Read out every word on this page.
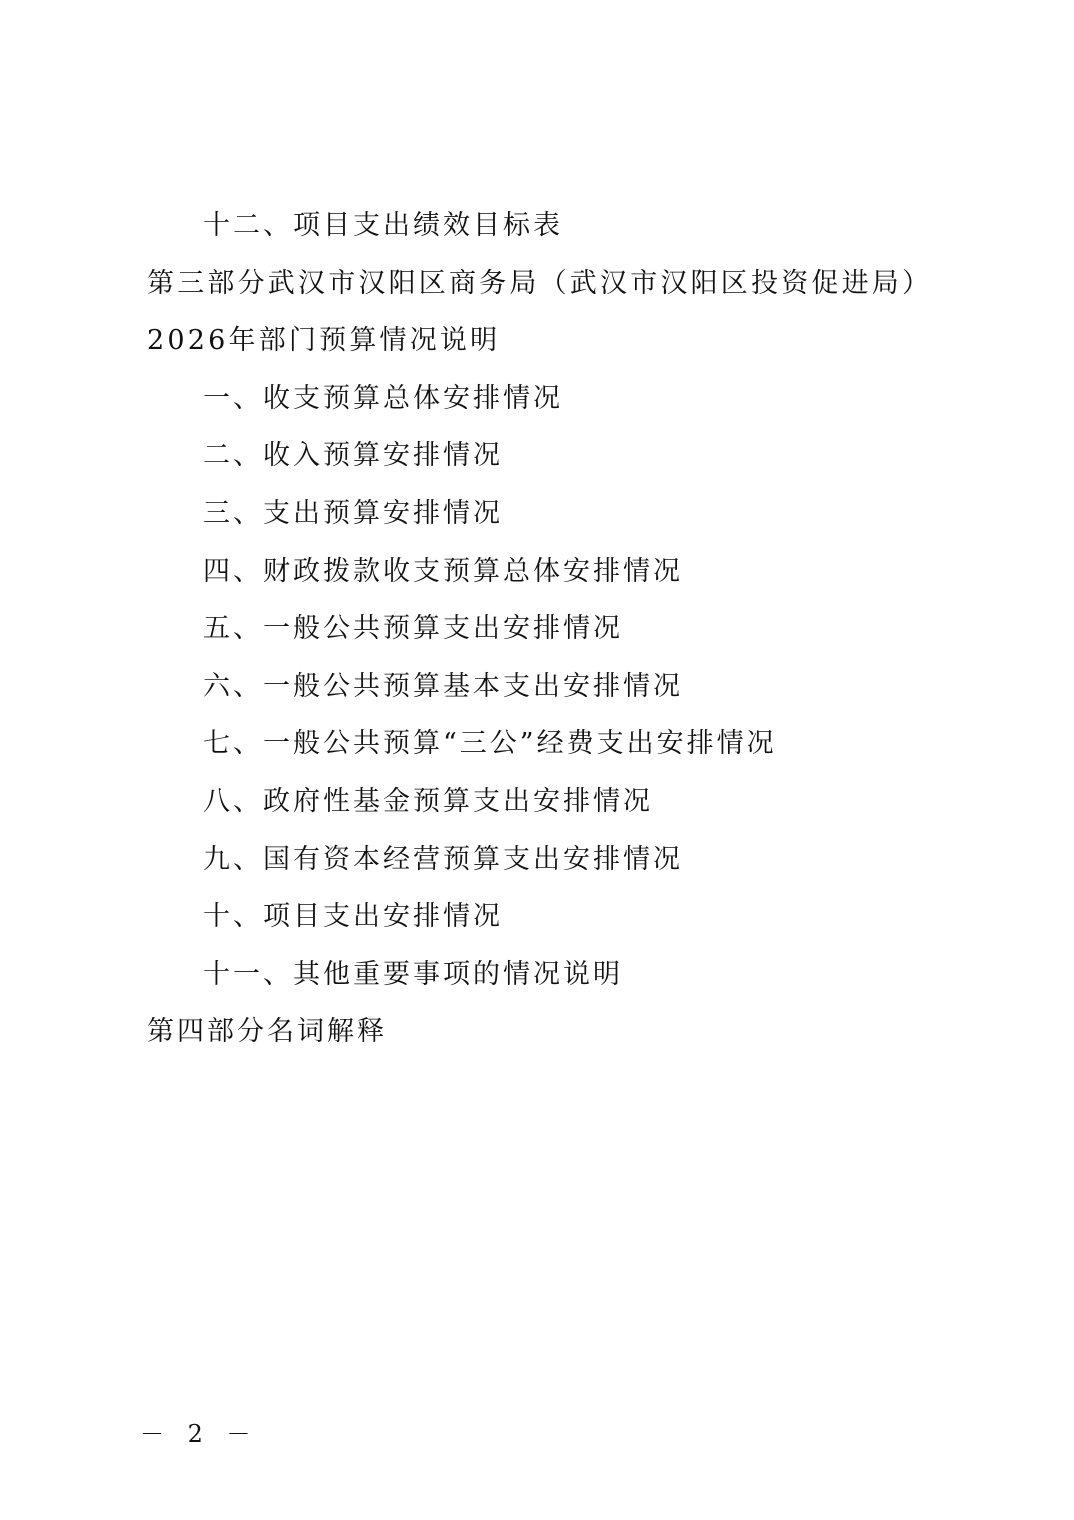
十二、项目支出绩效目标表
第三部分武汉市汉阳区商务局（武汉市汉阳区投资促进局）2026年部门预算情况说明
一、收支预算总体安排情况
二、收入预算安排情况
三、支出预算安排情况
四、财政拨款收支预算总体安排情况
五、一般公共预算支出安排情况
六、一般公共预算基本支出安排情况
七、一般公共预算“三公”经费支出安排情况
八、政府性基金预算支出安排情况
九、国有资本经营预算支出安排情况
十、项目支出安排情况
十一、其他重要事项的情况说明
第四部分名词解释
－ 2 －
